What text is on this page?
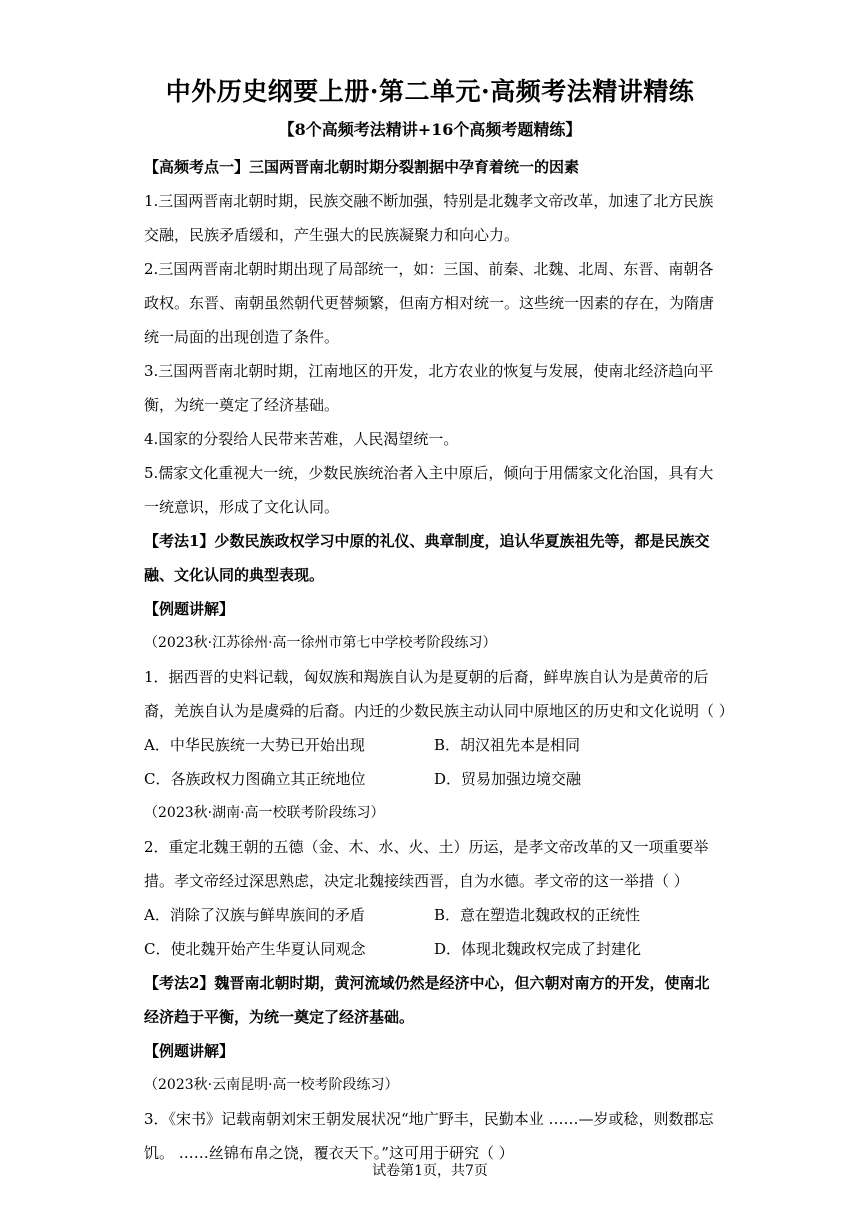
中外历史纲要上册·第二单元·高频考法精讲精练
【8个高频考法精讲+16个高频考题精练】
【高频考点一】三国两晋南北朝时期分裂割据中孕育着统一的因素
1.三国两晋南北朝时期，民族交融不断加强，特别是北魏孝文帝改革，加速了北方民族
交融，民族矛盾缓和，产生强大的民族凝聚力和向心力。
2.三国两晋南北朝时期出现了局部统一，如：三国、前秦、北魏、北周、东晋、南朝各
政权。东晋、南朝虽然朝代更替频繁，但南方相对统一。这些统一因素的存在，为隋唐
统一局面的出现创造了条件。
3.三国两晋南北朝时期，江南地区的开发，北方农业的恢复与发展，使南北经济趋向平
衡，为统一奠定了经济基础。
4.国家的分裂给人民带来苦难，人民渴望统一。
5.儒家文化重视大一统，少数民族统治者入主中原后，倾向于用儒家文化治国，具有大
一统意识，形成了文化认同。
【考法1】少数民族政权学习中原的礼仪、典章制度，追认华夏族祖先等，都是民族交
融、文化认同的典型表现。
【例题讲解】
（2023秋·江苏徐州·高一徐州市第七中学校考阶段练习）
1．据西晋的史料记载，匈奴族和羯族自认为是夏朝的后裔，鲜卑族自认为是黄帝的后
裔，羌族自认为是虞舜的后裔。内迁的少数民族主动认同中原地区的历史和文化说明（ ）
A．中华民族统一大势已开始出现	B．胡汉祖先本是相同
C．各族政权力图确立其正统地位	D．贸易加强边境交融
（2023秋·湖南·高一校联考阶段练习）
2．重定北魏王朝的五德（金、木、水、火、土）历运，是孝文帝改革的又一项重要举
措。孝文帝经过深思熟虑，决定北魏接续西晋，自为水德。孝文帝的这一举措（ ）
A．消除了汉族与鲜卑族间的矛盾	B．意在塑造北魏政权的正统性
C．使北魏开始产生华夏认同观念	D．体现北魏政权完成了封建化
【考法2】魏晋南北朝时期，黄河流域仍然是经济中心，但六朝对南方的开发，使南北
经济趋于平衡，为统一奠定了经济基础。
【例题讲解】
（2023秋·云南昆明·高一校考阶段练习）
3．《宋书》记载南朝刘宋王朝发展状况“地广野丰，民勤本业 ……—岁或稔，则数郡忘
饥。 ……丝锦布帛之饶，覆衣天下。”这可用于研究（ ）
试卷第1页，共7页
